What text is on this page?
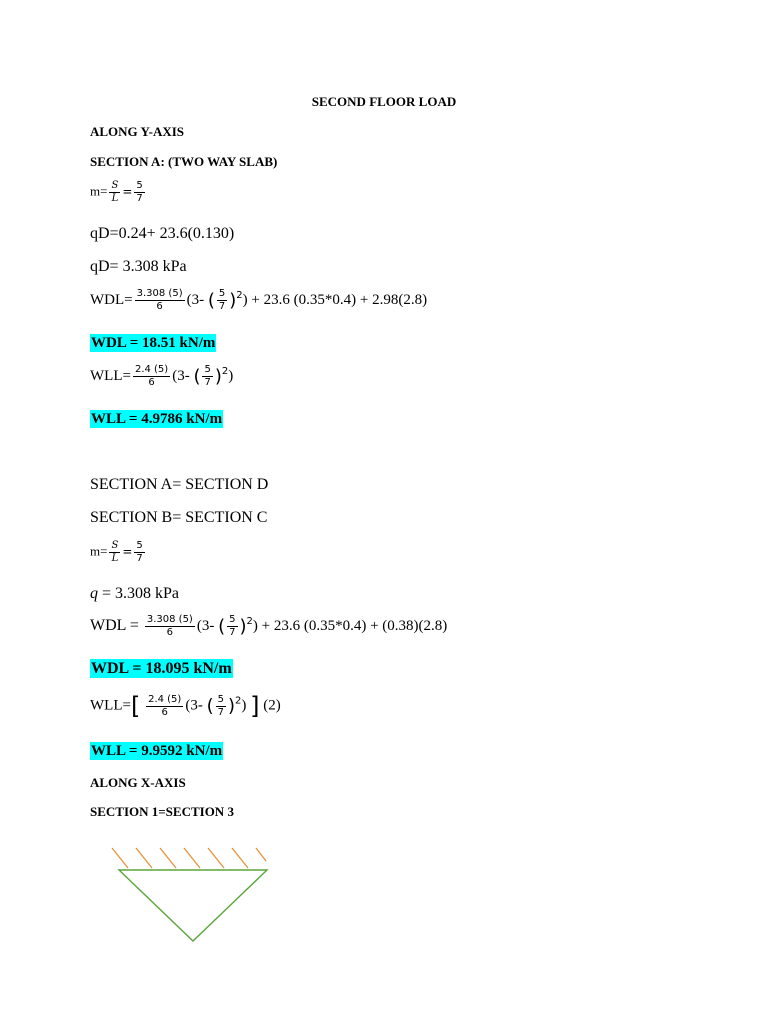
SECOND FLOOR LOAD
ALONG Y-AXIS
SECTION A: (TWO WAY SLAB)
$m= \frac{S}{L} = \frac{5}{7}$
qD=0.24+ 23.6(0.130)
qD= 3.308 kPa
$WDL= \frac{3.308 (5)}{6} (3-$ ( $\frac{5}{7} )^2) + 23.6$ (0.35*0.4) + 2.98(2.8)
WDL = 18.51 kN/m
$WLL= \frac{2.4 (5)}{6} (3-$ ( $\frac{5}{7} )^2$)
WLL = 4.9786 kN/m
SECTION A= SECTION D
SECTION B= SECTION C
$m= \frac{S}{L} = \frac{5}{7}$
q = 3.308 kPa
WDL = $\frac{3.308 (5)}{6} (3-$ ( $\frac{5}{7} )^2) + 23.6$ (0.35*0.4) + (0.38)(2.8)
WDL = 18.095 kN/m
$WLL=[ \frac{2.4 (5)}{6} (3-$ ( $\frac{5}{7} )^2$) ] (2)
WLL = 9.9592 kN/m
ALONG X-AXIS
SECTION 1=SECTION 3
